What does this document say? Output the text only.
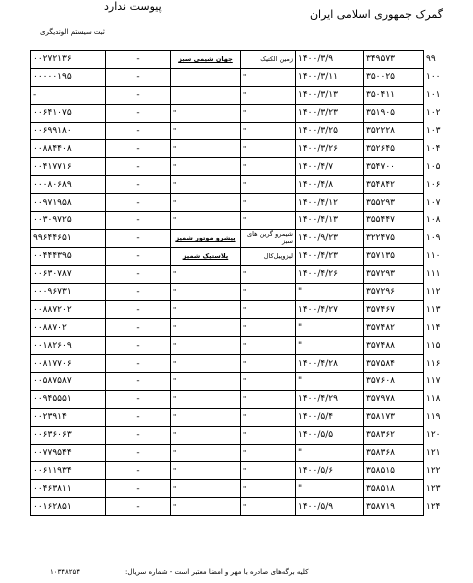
گمرک جمهوری اسلامی ایران
پیوست ندارد
ثبت سیستم الوندیگری
۰۰۲۷۲۱۳۶	-	جهان شیمی سبز	زمین الکتیک	۱۴۰۰/۳/۹	۳۴۹۵۷۳	۹۹
۰۰۰۰۰۱۹۵	-		"	۱۴۰۰/۳/۱۱	۳۵۰۰۲۵	۱۰۰
-	-		"	۱۴۰۰/۳/۱۳	۳۵۰۴۱۱	۱۰۱
۰۰۶۴۱۰۷۵	-	"	"	۱۴۰۰/۳/۲۳	۳۵۱۹۰۵	۱۰۲
۰۰۶۹۹۱۸۰	-	"	"	۱۴۰۰/۳/۲۵	۳۵۲۲۲۸	۱۰۳
۰۰۸۸۴۴۰۸	-	"	"	۱۴۰۰/۳/۲۶	۳۵۲۶۴۵	۱۰۴
۰۰۴۱۷۷۱۶	-	"	"	۱۴۰۰/۴/۷	۳۵۴۷۰۰	۱۰۵
۰۰۰۸۰۶۸۹	-	"	"	۱۴۰۰/۴/۸	۳۵۴۸۴۲	۱۰۶
۰۰۹۷۱۹۵۸	-	"	"	۱۴۰۰/۴/۱۲	۳۵۵۲۹۳	۱۰۷
۰۰۳۰۹۷۲۵	-	"	"	۱۴۰۰/۴/۱۳	۳۵۵۴۴۷	۱۰۸
۹۹۶۴۴۶۵۱	-	پیشرو موتور شمیز	شیمرو گرین های سبز	۱۴۰۰/۹/۲۳	۳۲۲۴۷۵	۱۰۹
۰۰۴۴۴۳۹۵	-	پلاستیک شمیز	لیزوپیل‌کال	۱۴۰۰/۴/۲۳	۳۵۷۱۳۵	۱۱۰
۰۰۶۳۰۷۸۷	-	"	"	۱۴۰۰/۴/۲۶	۳۵۷۲۹۳	۱۱۱
۰۰۰۹۶۷۳۱	-	"	"	"	۳۵۷۲۹۶	۱۱۲
۰۰۸۸۷۲۰۲	-	"	"	۱۴۰۰/۴/۲۷	۳۵۷۴۶۷	۱۱۳
۰۰۸۸۷۰۲	-	"	"	"	۳۵۷۴۸۲	۱۱۴
۰۰۱۸۲۶۰۹	-	"	"	"	۳۵۷۴۸۸	۱۱۵
۰۰۸۱۷۷۰۶	-	"	"	۱۴۰۰/۴/۲۸	۳۵۷۵۸۴	۱۱۶
۰۰۵۸۷۵۸۷	-	"	"	"	۳۵۷۶۰۸	۱۱۷
۰۰۹۴۵۵۵۱	-	"	"	۱۴۰۰/۴/۲۹	۳۵۷۹۷۸	۱۱۸
۰۰۲۳۹۱۴	-	"	"	۱۴۰۰/۵/۴	۳۵۸۱۷۳	۱۱۹
۰۰۶۳۶۰۶۳	-	"	"	۱۴۰۰/۵/۵	۳۵۸۳۶۲	۱۲۰
۰۰۷۷۹۵۴۴	-	"	"	"	۳۵۸۳۶۸	۱۲۱
۰۰۶۱۱۹۳۴	-	"	"	۱۴۰۰/۵/۶	۳۵۸۵۱۵	۱۲۲
۰۰۴۶۳۸۱۱	-	"	"	"	۳۵۸۵۱۸	۱۲۳
۰۰۱۶۲۸۵۱	-	"	"	۱۴۰۰/۵/۹	۳۵۸۷۱۹	۱۲۴
۱۰۳۴۸۲۵۴	کلیه برگه‌های صادره با مهر و امضا معتبر است - شماره سریال:
